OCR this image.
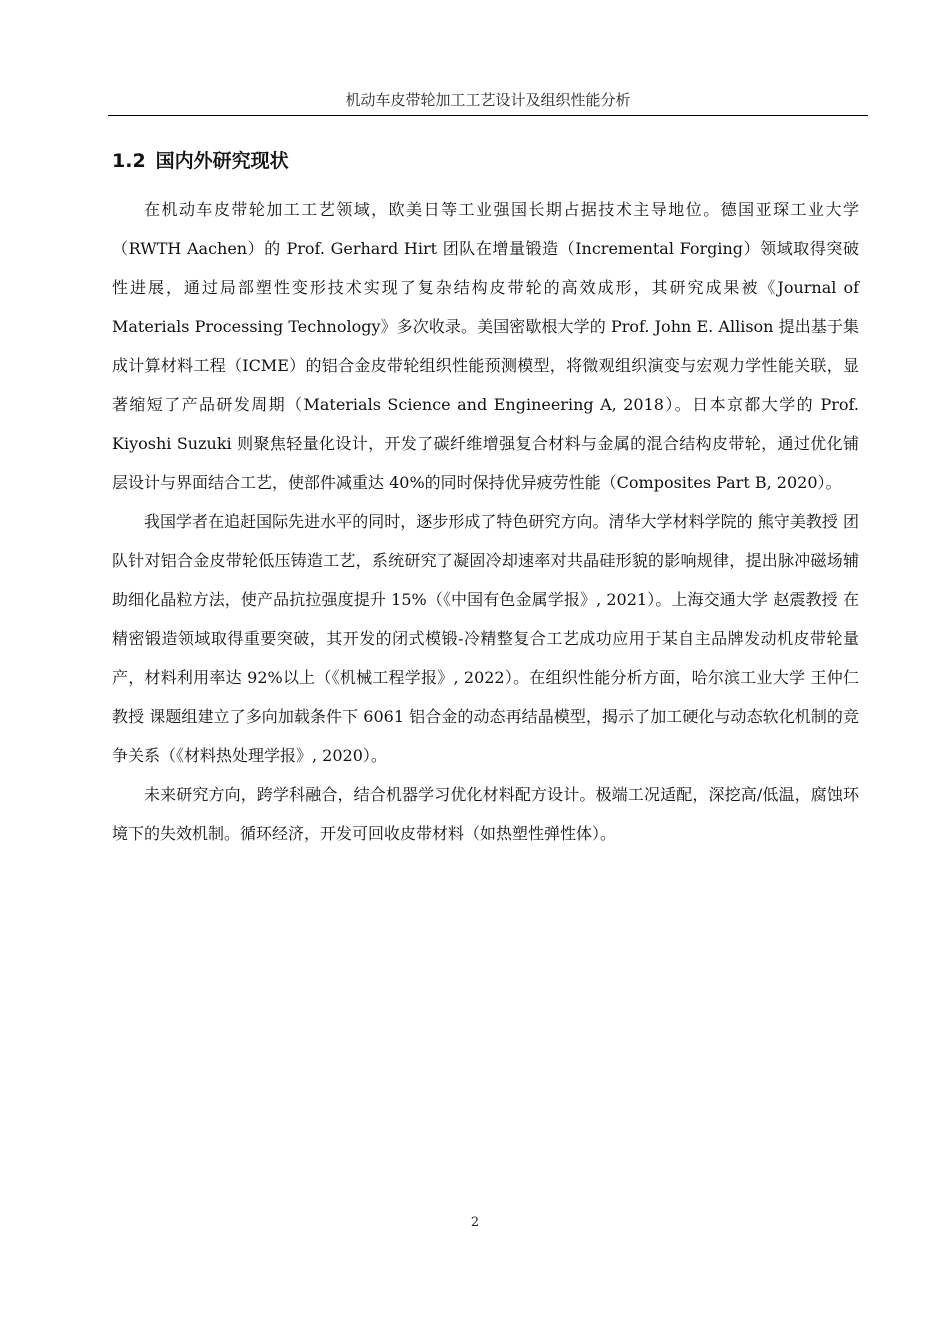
机动车皮带轮加工工艺设计及组织性能分析
1.2 国内外研究现状

在机动车皮带轮加工工艺领域，欧美日等工业强国长期占据技术主导地位。德国亚琛工业大学（RWTH Aachen）的 Prof. Gerhard Hirt 团队在增量锻造（Incremental Forging）领域取得突破性进展，通过局部塑性变形技术实现了复杂结构皮带轮的高效成形，其研究成果被《Journal of Materials Processing Technology》多次收录。美国密歇根大学的 Prof. John E. Allison 提出基于集成计算材料工程（ICME）的铝合金皮带轮组织性能预测模型，将微观组织演变与宏观力学性能关联，显著缩短了产品研发周期（Materials Science and Engineering A, 2018）。日本京都大学的 Prof. Kiyoshi Suzuki 则聚焦轻量化设计，开发了碳纤维增强复合材料与金属的混合结构皮带轮，通过优化铺层设计与界面结合工艺，使部件减重达 40%的同时保持优异疲劳性能（Composites Part B, 2020）。

我国学者在追赶国际先进水平的同时，逐步形成了特色研究方向。清华大学材料学院的 熊守美教授 团队针对铝合金皮带轮低压铸造工艺，系统研究了凝固冷却速率对共晶硅形貌的影响规律，提出脉冲磁场辅助细化晶粒方法，使产品抗拉强度提升 15%（《中国有色金属学报》, 2021）。上海交通大学 赵震教授 在精密锻造领域取得重要突破，其开发的闭式模锻-冷精整复合工艺成功应用于某自主品牌发动机皮带轮量产，材料利用率达 92%以上（《机械工程学报》, 2022）。在组织性能分析方面，哈尔滨工业大学 王仲仁教授 课题组建立了多向加载条件下 6061 铝合金的动态再结晶模型，揭示了加工硬化与动态软化机制的竞争关系（《材料热处理学报》, 2020）。

未来研究方向，跨学科融合，结合机器学习优化材料配方设计。极端工况适配，深挖高/低温，腐蚀环境下的失效机制。循环经济，开发可回收皮带材料（如热塑性弹性体）。

2
